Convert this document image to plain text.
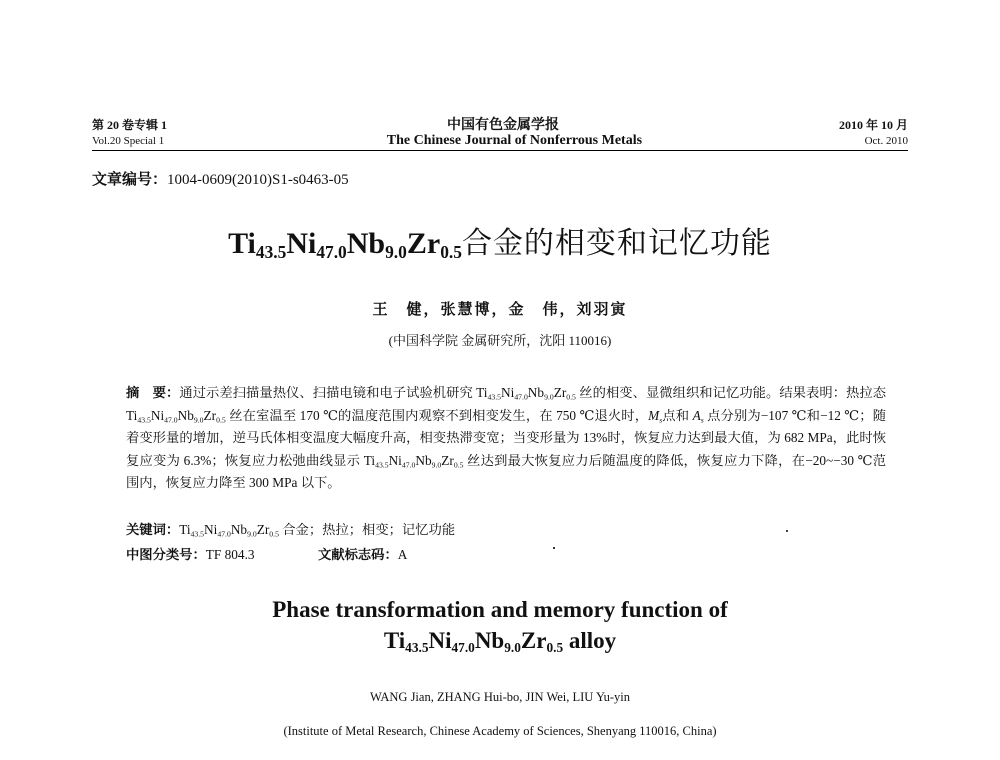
第 20 卷专辑 1	中国有色金属学报	2010 年 10 月
Vol.20 Special 1	The Chinese Journal of Nonferrous Metals	Oct. 2010
文章编号：1004-0609(2010)S1-s0463-05
$Ti_{43.5}Ni_{47.0}Nb_{9.0}Zr_{0.5}$合金的相变和记忆功能
王　健，张慧博，金　伟，刘羽寅
(中国科学院 金属研究所，沈阳 110016)
摘　要：通过示差扫描量热仪、扫描电镜和电子试验机研究 $Ti_{43.5}Ni_{47.0}Nb_{9.0}Zr_{0.5}$ 丝的相变、显微组织和记忆功能。结果表明：热拉态 $Ti_{43.5}Ni_{47.0}Nb_{9.0}Zr_{0.5}$ 丝在室温至 170 ℃的温度范围内观察不到相变发生，在 750 ℃退火时，$M_s$点和 $A_s$ 点分别为−107 ℃和−12 ℃；随着变形量的增加，逆马氏体相变温度大幅度升高，相变热滞变宽；当变形量为 13%时，恢复应力达到最大值，为 682 MPa，此时恢复应变为 6.3%；恢复应力松弛曲线显示 $Ti_{43.5}Ni_{47.0}Nb_{9.0}Zr_{0.5}$ 丝达到最大恢复应力后随温度的降低，恢复应力下降，在−20~−30 ℃范围内，恢复应力降至 300 MPa 以下。
关键词：$Ti_{43.5}Ni_{47.0}Nb_{9.0}Zr_{0.5}$ 合金；热拉；相变；记忆功能
中图分类号：TF 804.3	文献标志码：A
Phase transformation and memory function of
$Ti_{43.5}Ni_{47.0}Nb_{9.0}Zr_{0.5}$ alloy
WANG Jian, ZHANG Hui-bo, JIN Wei, LIU Yu-yin
(Institute of Metal Research, Chinese Academy of Sciences, Shenyang 110016, China)
